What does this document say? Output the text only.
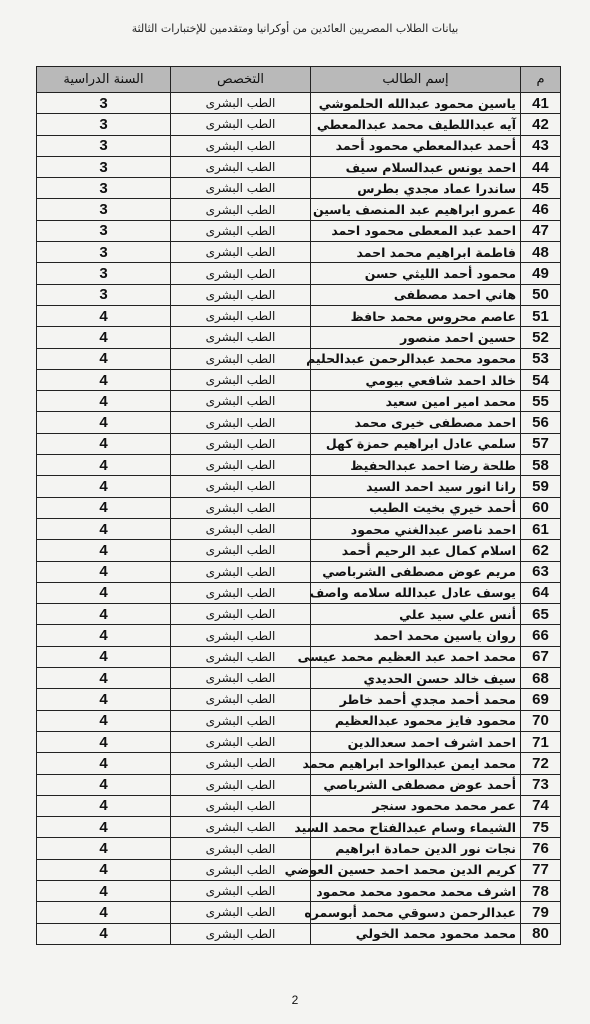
بيانات الطلاب المصريين العائدين من أوكرانيا ومتقدمين للإختبارات الثالثة
م	إسم الطالب	التخصص	السنة الدراسية
41	ياسين محمود عبدالله الحلموشي	الطب البشرى	3
42	آيه عبداللطيف محمد عبدالمعطي	الطب البشرى	3
43	أحمد عبدالمعطي محمود أحمد	الطب البشرى	3
44	احمد يونس عبدالسلام سيف	الطب البشرى	3
45	ساندرا عماد مجدي بطرس	الطب البشرى	3
46	عمرو ابراهيم عبد المنصف ياسين	الطب البشرى	3
47	احمد عبد المعطى محمود احمد	الطب البشرى	3
48	فاطمة ابراهيم محمد احمد	الطب البشرى	3
49	محمود أحمد الليثي حسن	الطب البشرى	3
50	هاني احمد مصطفى	الطب البشرى	3
51	عاصم محروس محمد حافظ	الطب البشرى	4
52	حسين احمد منصور	الطب البشرى	4
53	محمود محمد عبدالرحمن عبدالحليم	الطب البشرى	4
54	خالد احمد شافعي بيومي	الطب البشرى	4
55	محمد امير امين سعيد	الطب البشرى	4
56	احمد مصطفى خيرى محمد	الطب البشرى	4
57	سلمي عادل ابراهيم حمزة كهل	الطب البشرى	4
58	طلحة رضا احمد عبدالحفيظ	الطب البشرى	4
59	رانا انور سيد احمد السيد	الطب البشرى	4
60	أحمد خيري بخيت الطيب	الطب البشرى	4
61	احمد ناصر عبدالغني محمود	الطب البشرى	4
62	اسلام كمال عبد الرحيم أحمد	الطب البشرى	4
63	مريم عوض مصطفى الشرباصي	الطب البشرى	4
64	يوسف عادل عبدالله سلامه واصف	الطب البشرى	4
65	أنس علي سيد علي	الطب البشرى	4
66	روان ياسين محمد احمد	الطب البشرى	4
67	محمد احمد عبد العظيم محمد عيسى	الطب البشرى	4
68	سيف خالد حسن الحديدي	الطب البشرى	4
69	محمد أحمد مجدي أحمد خاطر	الطب البشرى	4
70	محمود فايز محمود عبدالعظيم	الطب البشرى	4
71	احمد اشرف احمد سعدالدين	الطب البشرى	4
72	محمد ايمن عبدالواحد ابراهيم محمد	الطب البشرى	4
73	أحمد عوض مصطفى الشرباصي	الطب البشرى	4
74	عمر محمد محمود سنجر	الطب البشرى	4
75	الشيماء وسام عبدالفتاح محمد السيد	الطب البشرى	4
76	نجات نور الدين حمادة ابراهيم	الطب البشرى	4
77	كريم الدين محمد احمد حسين العوضي	الطب البشرى	4
78	اشرف محمد محمود محمد محمود	الطب البشرى	4
79	عبدالرحمن دسوقي محمد أبوسمره	الطب البشرى	4
80	محمد محمود محمد الخولي	الطب البشرى	4
2
